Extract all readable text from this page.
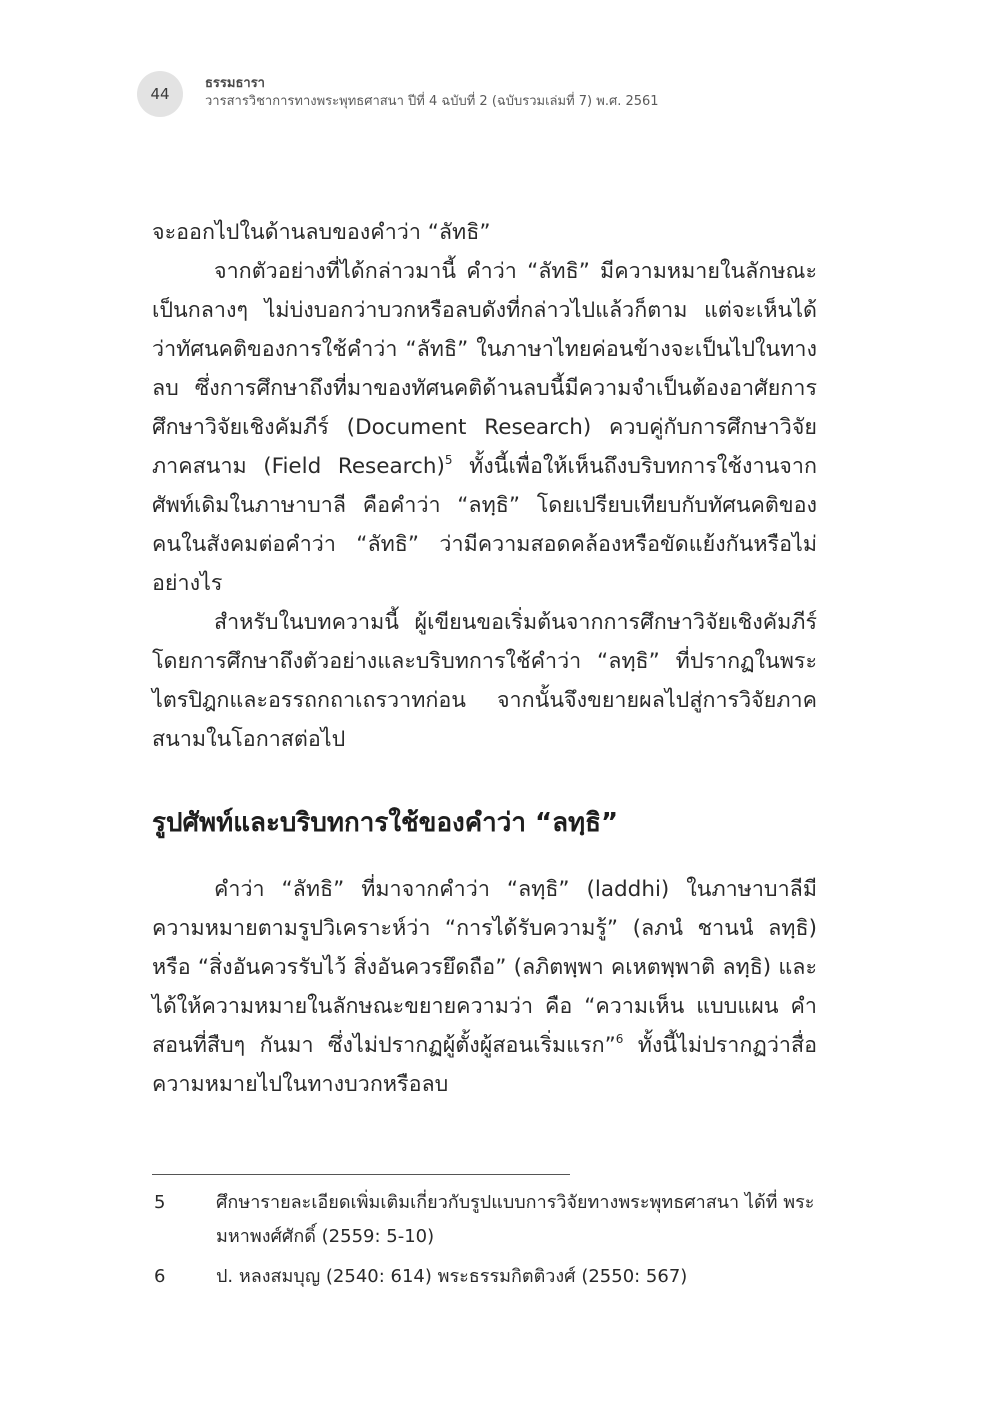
44
ธรรมธารา
วารสารวิชาการทางพระพุทธศาสนา ปีที่ 4 ฉบับที่ 2 (ฉบับรวมเล่มที่ 7) พ.ศ. 2561

จะออกไปในด้านลบของคำว่า “ลัทธิ”

จากตัวอย่างที่ได้กล่าวมานี้ คำว่า “ลัทธิ” มีความหมายในลักษณะเป็นกลางๆ ไม่บ่งบอกว่าบวกหรือลบดังที่กล่าวไปแล้วก็ตาม แต่จะเห็นได้ว่าทัศนคติของการใช้คำว่า “ลัทธิ” ในภาษาไทยค่อนข้างจะเป็นไปในทางลบ ซึ่งการศึกษาถึงที่มาของทัศนคติด้านลบนี้มีความจำเป็นต้องอาศัยการศึกษาวิจัยเชิงคัมภีร์ (Document Research) ควบคู่กับการศึกษาวิจัยภาคสนาม (Field Research)$^5$ ทั้งนี้เพื่อให้เห็นถึงบริบทการใช้งานจากศัพท์เดิมในภาษาบาลี คือคำว่า “ลทฺธิ” โดยเปรียบเทียบกับทัศนคติของคนในสังคมต่อคำว่า “ลัทธิ” ว่ามีความสอดคล้องหรือขัดแย้งกันหรือไม่ อย่างไร

สำหรับในบทความนี้ ผู้เขียนขอเริ่มต้นจากการศึกษาวิจัยเชิงคัมภีร์ โดยการศึกษาถึงตัวอย่างและบริบทการใช้คำว่า “ลทฺธิ” ที่ปรากฏในพระไตรปิฎกและอรรถกถาเถรวาทก่อน จากนั้นจึงขยายผลไปสู่การวิจัยภาคสนามในโอกาสต่อไป

รูปศัพท์และบริบทการใช้ของคำว่า “ลทฺธิ”

คำว่า “ลัทธิ” ที่มาจากคำว่า “ลทฺธิ” (laddhi) ในภาษาบาลีมีความหมายตามรูปวิเคราะห์ว่า “การได้รับความรู้” (ลภนํ ชานนํ ลทฺธิ) หรือ “สิ่งอันควรรับไว้ สิ่งอันควรยึดถือ” (ลภิตพฺพา คเหตพฺพาติ ลทฺธิ) และได้ให้ความหมายในลักษณะขยายความว่า คือ “ความเห็น แบบแผน คำสอนที่สืบๆ กันมา ซึ่งไม่ปรากฏผู้ตั้งผู้สอนเริ่มแรก”$^6$ ทั้งนี้ไม่ปรากฏว่าสื่อความหมายไปในทางบวกหรือลบ

5	ศึกษารายละเอียดเพิ่มเติมเกี่ยวกับรูปแบบการวิจัยทางพระพุทธศาสนา ได้ที่ พระมหาพงศ์ศักดิ์ (2559: 5-10)
6	ป. หลงสมบุญ (2540: 614) พระธรรมกิตติวงศ์ (2550: 567)
